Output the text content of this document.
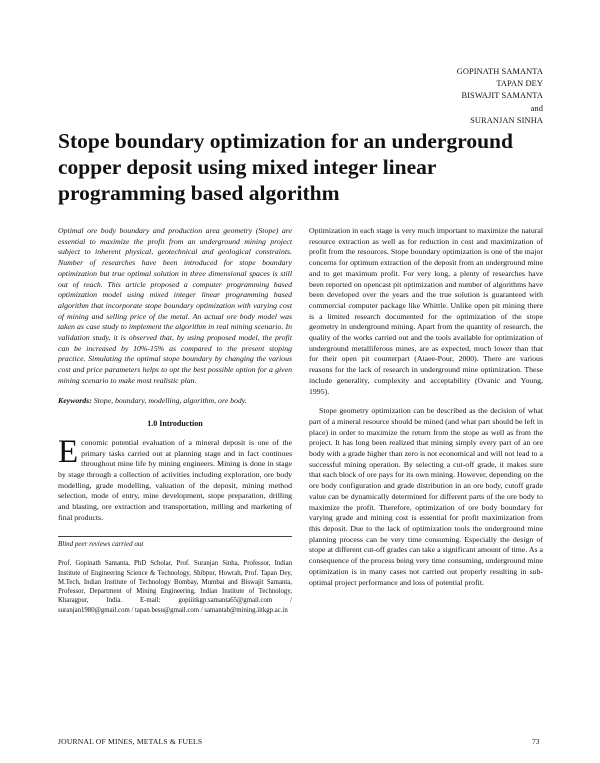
GOPINATH SAMANTA
TAPAN DEY
BISWAJIT SAMANTA
and
SURANJAN SINHA
Stope boundary optimization for an underground copper deposit using mixed integer linear programming based algorithm

Optimal ore body boundary and production area geometry (Stope) are essential to maximize the profit from an underground mining project subject to inherent physical, geotechnical and geological constraints. Number of researches have been introduced for stope boundary optimization but true optimal solution in three dimensional spaces is still out of reach. This article proposed a computer programming based optimization model using mixed integer linear programming based algorithm that incorporate stope boundary optimization with varying cost of mining and selling price of the metal. An actual ore body model was taken as case study to implement the algorithm in real mining scenario. In validation study, it is observed that, by using proposed model, the profit can be increased by 10%-15% as compared to the present stoping practice. Simulating the optimal stope boundary by changing the various cost and price parameters helps to opt the best possible option for a given mining scenario to make most realistic plan.

Keywords: Stope, boundary, modelling, algorithm, ore body.

1.0 Introduction

Economic potential evaluation of a mineral deposit is one of the primary tasks carried out at planning stage and in fact continues throughout mine life by mining engineers. Mining is done in stage by stage through a collection of activities including exploration, ore body modelling, grade modelling, valuation of the deposit, mining method selection, mode of entry, mine development, stope preparation, drilling and blasting, ore extraction and transportation, milling and marketing of final products.

Blind peer reviews carried out

Prof. Gopinath Samanta, PhD Scholar, Prof. Suranjan Sinha, Professor, Indian Institute of Engineering Science & Technology, Shibpur, Howrah, Prof. Tapan Dey, M.Tech, Indian Institute of Technology Bombay, Mumbai and Biswajit Samanta, Professor, Department of Mining Engineering, Indian Institute of Technology, Kharagpur, India. E-mail: gopiiitkgp.samanta65@gmail.com / suranjan1980@gmail.com / tapan.besu@gmail.com / samantab@mining.iitkgp.ac.in

Optimization in each stage is very much important to maximize the natural resource extraction as well as for reduction in cost and maximization of profit from the resources. Stope boundary optimization is one of the major concerns for optimum extraction of the deposit from an underground mine and to get maximum profit. For very long, a plenty of researches have been reported on opencast pit optimization and number of algorithms have been developed over the years and the true solution is guaranteed with commercial computer package like Whittle. Unlike open pit mining there is a limited research documented for the optimization of the stope geometry in underground mining. Apart from the quantity of research, the quality of the works carried out and the tools available for optimization of underground metalliferous mines, are as expected, much lower than that for their open pit counterpart (Ataee-Pour, 2000). There are various reasons for the lack of research in underground mine optimization. These include generality, complexity and acceptability (Ovanic and Young, 1995).

Stope geometry optimization can be described as the decision of what part of a mineral resource should be mined (and what part should be left in place) in order to maximize the return from the stope as well as from the project. It has long been realized that mining simply every part of an ore body with a grade higher than zero is not economical and will not lead to a successful mining operation. By selecting a cut-off grade, it makes sure that each block of ore pays for its own mining. However, depending on the ore body configuration and grade distribution in an ore body, cutoff grade value can be dynamically determined for different parts of the ore body to maximize the profit. Therefore, optimization of ore body boundary for varying grade and mining cost is essential for profit maximization from this deposit. Due to the lack of optimization tools the underground mine planning process can be very time consuming. Especially the design of stope at different cut-off grades can take a significant amount of time. As a consequence of the process being very time consuming, underground mine optimization is in many cases not carried out properly resulting in sub-optimal project performance and loss of potential profit.

JOURNAL OF MINES, METALS & FUELS	73
